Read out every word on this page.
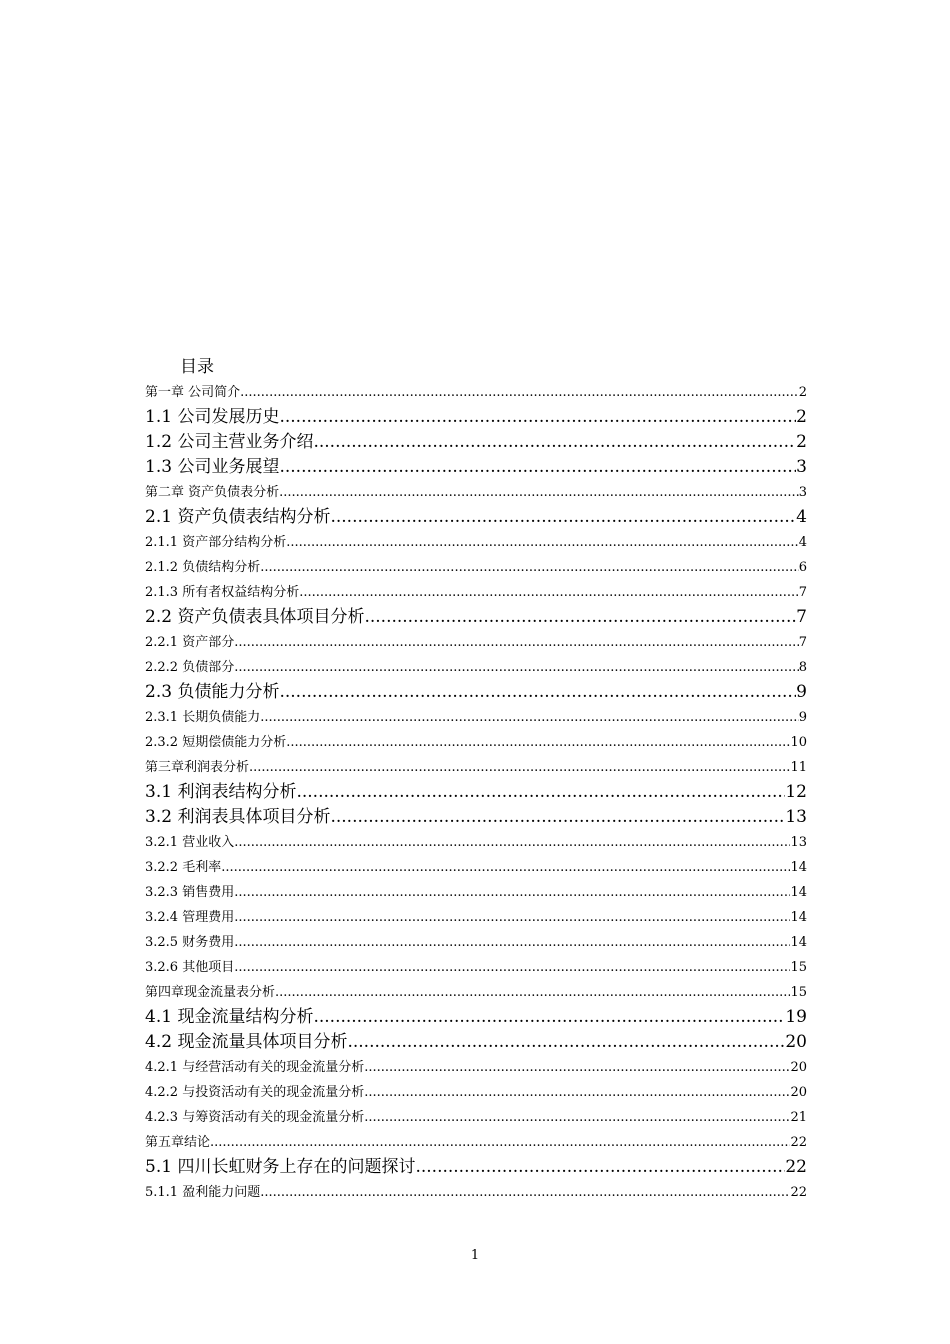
目录
第一章 公司简介 .....	2
1.1 公司发展历史 .....	2
1.2 公司主营业务介绍 .....	2
1.3 公司业务展望 .....	3
第二章 资产负债表分析 .....	3
2.1 资产负债表结构分析 .....	4
2.1.1 资产部分结构分析 .....	4
2.1.2 负债结构分析 .....	6
2.1.3 所有者权益结构分析 .....	7
2.2 资产负债表具体项目分析 .....	7
2.2.1 资产部分 .....	7
2.2.2 负债部分 .....	8
2.3 负债能力分析 .....	9
2.3.1 长期负债能力 .....	9
2.3.2 短期偿债能力分析 .....	10
第三章利润表分析 .....	11
3.1 利润表结构分析 .....	12
3.2 利润表具体项目分析 .....	13
3.2.1 营业收入 .....	13
3.2.2 毛利率 .....	14
3.2.3 销售费用 .....	14
3.2.4 管理费用 .....	14
3.2.5 财务费用 .....	14
3.2.6 其他项目 .....	15
第四章现金流量表分析 .....	15
4.1 现金流量结构分析 .....	19
4.2 现金流量具体项目分析 .....	20
4.2.1 与经营活动有关的现金流量分析 .....	20
4.2.2 与投资活动有关的现金流量分析 .....	20
4.2.3 与筹资活动有关的现金流量分析 .....	21
第五章结论 .....	22
5.1 四川长虹财务上存在的问题探讨 .....	22
5.1.1 盈利能力问题 .....	22
1
